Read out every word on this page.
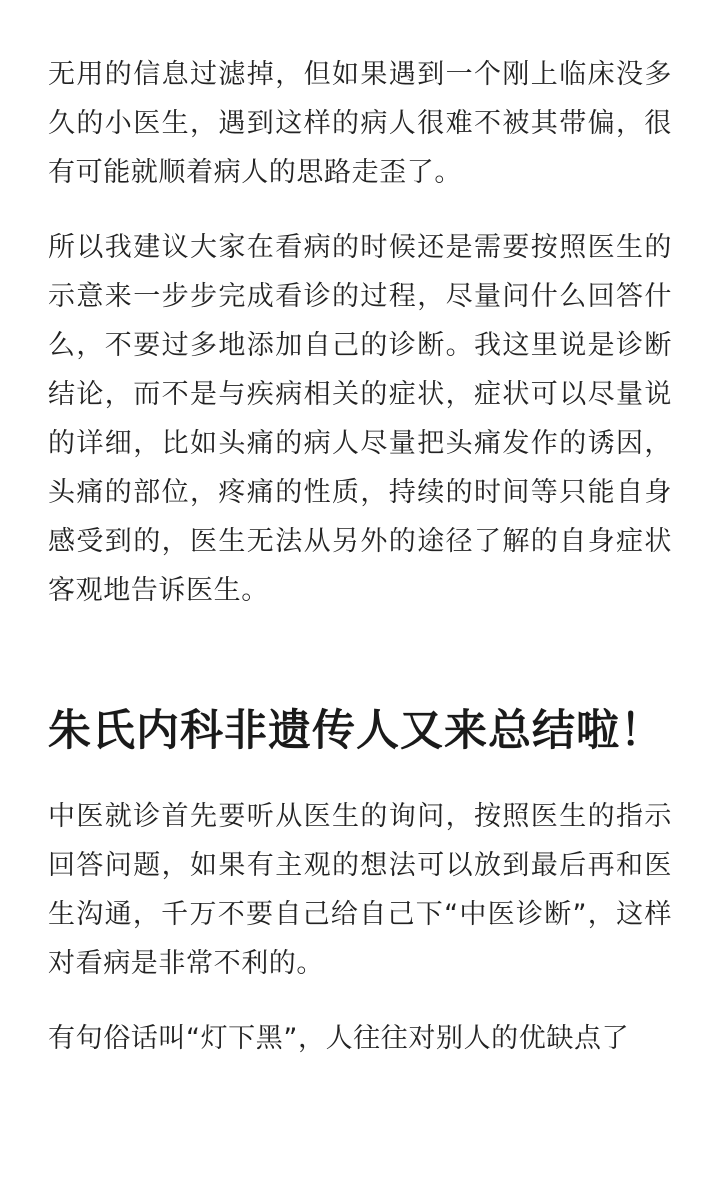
无用的信息过滤掉，但如果遇到一个刚上临床没多久的小医生，遇到这样的病人很难不被其带偏，很有可能就顺着病人的思路走歪了。

所以我建议大家在看病的时候还是需要按照医生的示意来一步步完成看诊的过程，尽量问什么回答什么，不要过多地添加自己的诊断。我这里说是诊断结论，而不是与疾病相关的症状，症状可以尽量说的详细，比如头痛的病人尽量把头痛发作的诱因，头痛的部位，疼痛的性质，持续的时间等只能自身感受到的，医生无法从另外的途径了解的自身症状客观地告诉医生。

朱氏内科非遗传人又来总结啦！

中医就诊首先要听从医生的询问，按照医生的指示回答问题，如果有主观的想法可以放到最后再和医生沟通，千万不要自己给自己下“中医诊断”，这样对看病是非常不利的。

有句俗话叫“灯下黑”，人往往对别人的优缺点了
